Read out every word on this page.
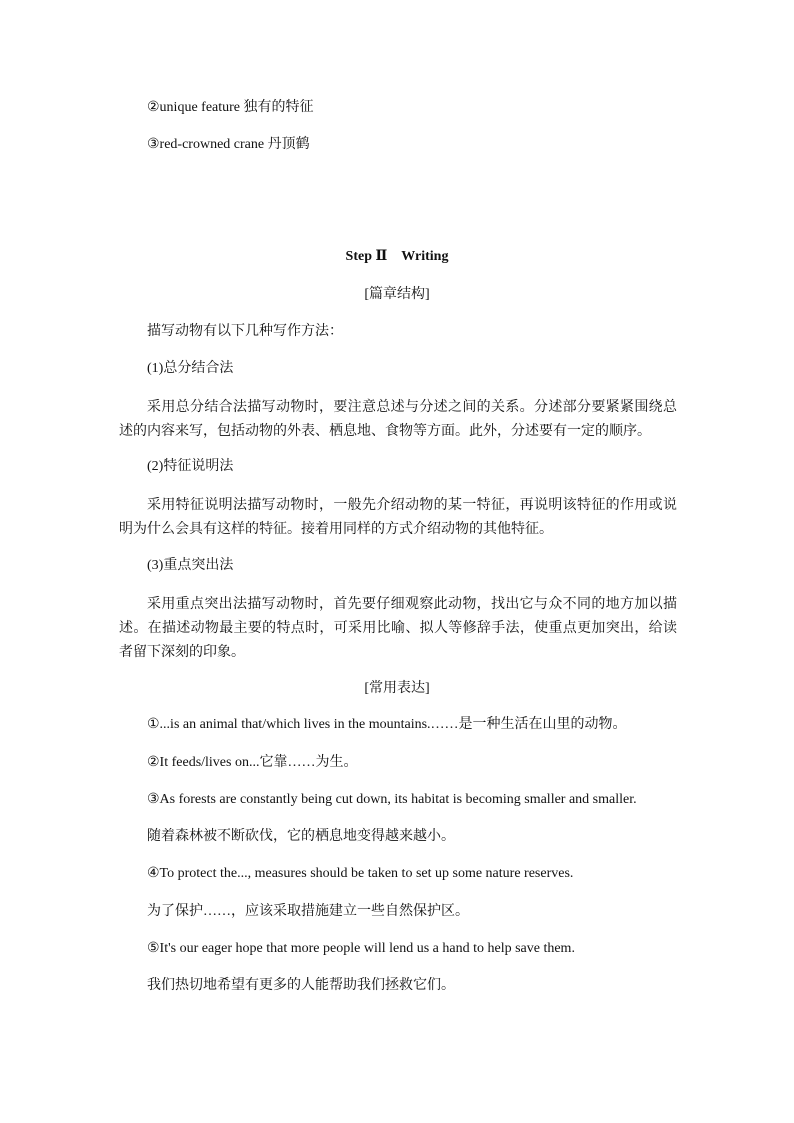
②unique feature 独有的特征
③red-crowned crane 丹顶鹤
Step Ⅱ　Writing
[篇章结构]
描写动物有以下几种写作方法：
(1)总分结合法
采用总分结合法描写动物时，要注意总述与分述之间的关系。分述部分要紧紧围绕总述的内容来写，包括动物的外表、栖息地、食物等方面。此外，分述要有一定的顺序。
(2)特征说明法
采用特征说明法描写动物时，一般先介绍动物的某一特征，再说明该特征的作用或说明为什么会具有这样的特征。接着用同样的方式介绍动物的其他特征。
(3)重点突出法
采用重点突出法描写动物时，首先要仔细观察此动物，找出它与众不同的地方加以描述。在描述动物最主要的特点时，可采用比喻、拟人等修辞手法，使重点更加突出，给读者留下深刻的印象。
[常用表达]
①...is an animal that/which lives in the mountains.……是一种生活在山里的动物。
②It feeds/lives on...它靠……为生。
③As forests are constantly being cut down, its habitat is becoming smaller and smaller.
随着森林被不断砍伐，它的栖息地变得越来越小。
④To protect the..., measures should be taken to set up some nature reserves.
为了保护……，应该采取措施建立一些自然保护区。
⑤It's our eager hope that more people will lend us a hand to help save them.
我们热切地希望有更多的人能帮助我们拯救它们。
